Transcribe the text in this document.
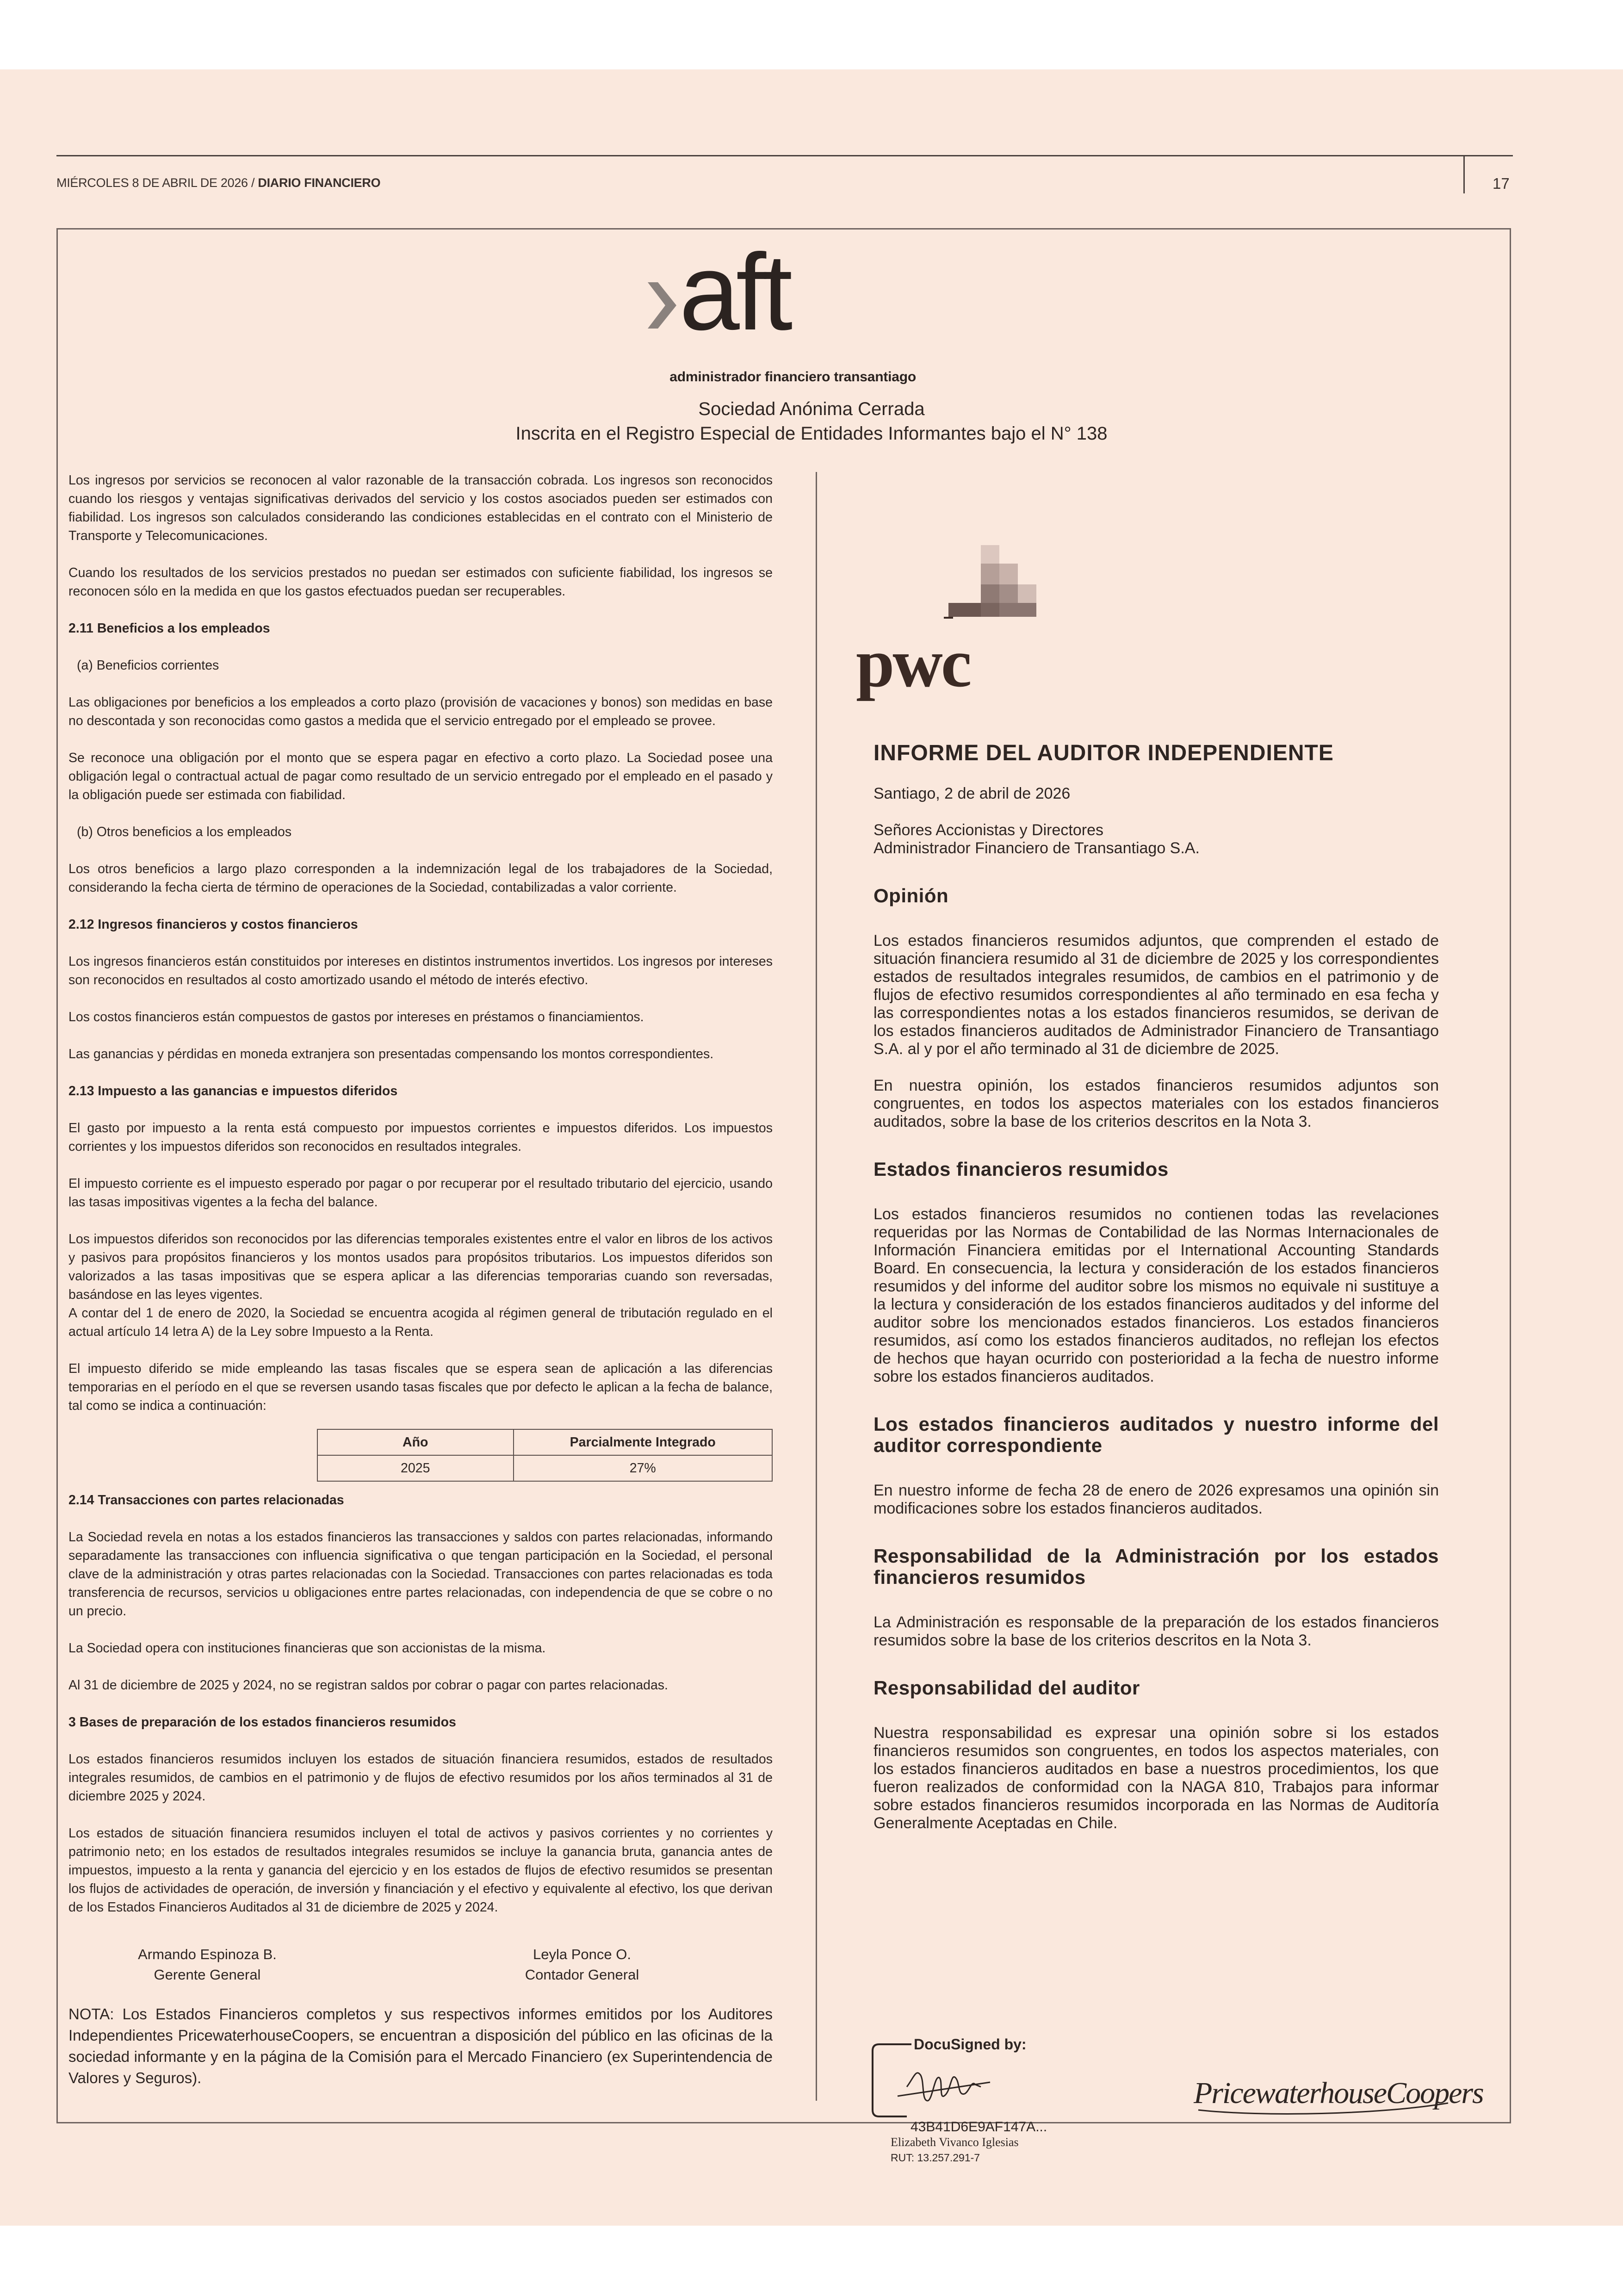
MIÉRCOLES 8 DE ABRIL DE 2026 / DIARIO FINANCIERO	17
aft
administrador financiero transantiago
Sociedad Anónima Cerrada
Inscrita en el Registro Especial de Entidades Informantes bajo el N° 138

Los ingresos por servicios se reconocen al valor razonable de la transacción cobrada. Los ingresos son reconocidos cuando los riesgos y ventajas significativas derivados del servicio y los costos asociados pueden ser estimados con fiabilidad. Los ingresos son calculados considerando las condiciones establecidas en el contrato con el Ministerio de Transporte y Telecomunicaciones.

Cuando los resultados de los servicios prestados no puedan ser estimados con suficiente fiabilidad, los ingresos se reconocen sólo en la medida en que los gastos efectuados puedan ser recuperables.

2.11 Beneficios a los empleados
(a) Beneficios corrientes

Las obligaciones por beneficios a los empleados a corto plazo (provisión de vacaciones y bonos) son medidas en base no descontada y son reconocidas como gastos a medida que el servicio entregado por el empleado se provee.

Se reconoce una obligación por el monto que se espera pagar en efectivo a corto plazo. La Sociedad posee una obligación legal o contractual actual de pagar como resultado de un servicio entregado por el empleado en el pasado y la obligación puede ser estimada con fiabilidad.

(b) Otros beneficios a los empleados

Los otros beneficios a largo plazo corresponden a la indemnización legal de los trabajadores de la Sociedad, considerando la fecha cierta de término de operaciones de la Sociedad, contabilizadas a valor corriente.

2.12 Ingresos financieros y costos financieros

Los ingresos financieros están constituidos por intereses en distintos instrumentos invertidos. Los ingresos por intereses son reconocidos en resultados al costo amortizado usando el método de interés efectivo.

Los costos financieros están compuestos de gastos por intereses en préstamos o financiamientos.

Las ganancias y pérdidas en moneda extranjera son presentadas compensando los montos correspondientes.

2.13 Impuesto a las ganancias e impuestos diferidos

El gasto por impuesto a la renta está compuesto por impuestos corrientes e impuestos diferidos. Los impuestos corrientes y los impuestos diferidos son reconocidos en resultados integrales.

El impuesto corriente es el impuesto esperado por pagar o por recuperar por el resultado tributario del ejercicio, usando las tasas impositivas vigentes a la fecha del balance.

Los impuestos diferidos son reconocidos por las diferencias temporales existentes entre el valor en libros de los activos y pasivos para propósitos financieros y los montos usados para propósitos tributarios. Los impuestos diferidos son valorizados a las tasas impositivas que se espera aplicar a las diferencias temporarias cuando son reversadas, basándose en las leyes vigentes.

A contar del 1 de enero de 2020, la Sociedad se encuentra acogida al régimen general de tributación regulado en el actual artículo 14 letra A) de la Ley sobre Impuesto a la Renta.

El impuesto diferido se mide empleando las tasas fiscales que se espera sean de aplicación a las diferencias temporarias en el período en el que se reversen usando tasas fiscales que por defecto le aplican a la fecha de balance, tal como se indica a continuación:

Año	Parcialmente Integrado
2025	27%
2.14 Transacciones con partes relacionadas

La Sociedad revela en notas a los estados financieros las transacciones y saldos con partes relacionadas, informando separadamente las transacciones con influencia significativa o que tengan participación en la Sociedad, el personal clave de la administración y otras partes relacionadas con la Sociedad. Transacciones con partes relacionadas es toda transferencia de recursos, servicios u obligaciones entre partes relacionadas, con independencia de que se cobre o no un precio.

La Sociedad opera con instituciones financieras que son accionistas de la misma.

Al 31 de diciembre de 2025 y 2024, no se registran saldos por cobrar o pagar con partes relacionadas.

3 Bases de preparación de los estados financieros resumidos

Los estados financieros resumidos incluyen los estados de situación financiera resumidos, estados de resultados integrales resumidos, de cambios en el patrimonio y de flujos de efectivo resumidos por los años terminados al 31 de diciembre 2025 y 2024.

Los estados de situación financiera resumidos incluyen el total de activos y pasivos corrientes y no corrientes y patrimonio neto; en los estados de resultados integrales resumidos se incluye la ganancia bruta, ganancia antes de impuestos, impuesto a la renta y ganancia del ejercicio y en los estados de flujos de efectivo resumidos se presentan los flujos de actividades de operación, de inversión y financiación y el efectivo y equivalente al efectivo, los que derivan de los Estados Financieros Auditados al 31 de diciembre de 2025 y 2024.

Armando Espinoza B.
Gerente General
Leyla Ponce O.
Contador General

NOTA: Los Estados Financieros completos y sus respectivos informes emitidos por los Auditores Independientes PricewaterhouseCoopers, se encuentran a disposición del público en las oficinas de la sociedad informante y en la página de la Comisión para el Mercado Financiero (ex Superintendencia de Valores y Seguros).

pwc
INFORME DEL AUDITOR INDEPENDIENTE

Santiago, 2 de abril de 2026

Señores Accionistas y Directores

Administrador Financiero de Transantiago S.A.

Opinión

Los estados financieros resumidos adjuntos, que comprenden el estado de situación financiera resumido al 31 de diciembre de 2025 y los correspondientes estados de resultados integrales resumidos, de cambios en el patrimonio y de flujos de efectivo resumidos correspondientes al año terminado en esa fecha y las correspondientes notas a los estados financieros resumidos, se derivan de los estados financieros auditados de Administrador Financiero de Transantiago S.A. al y por el año terminado al 31 de diciembre de 2025.

En nuestra opinión, los estados financieros resumidos adjuntos son congruentes, en todos los aspectos materiales con los estados financieros auditados, sobre la base de los criterios descritos en la Nota 3.

Estados financieros resumidos

Los estados financieros resumidos no contienen todas las revelaciones requeridas por las Normas de Contabilidad de las Normas Internacionales de Información Financiera emitidas por el International Accounting Standards Board. En consecuencia, la lectura y consideración de los estados financieros resumidos y del informe del auditor sobre los mismos no equivale ni sustituye a la lectura y consideración de los estados financieros auditados y del informe del auditor sobre los mencionados estados financieros. Los estados financieros resumidos, así como los estados financieros auditados, no reflejan los efectos de hechos que hayan ocurrido con posterioridad a la fecha de nuestro informe sobre los estados financieros auditados.

Los estados financieros auditados y nuestro informe del auditor correspondiente

En nuestro informe de fecha 28 de enero de 2026 expresamos una opinión sin modificaciones sobre los estados financieros auditados.

Responsabilidad de la Administración por los estados financieros resumidos

La Administración es responsable de la preparación de los estados financieros resumidos sobre la base de los criterios descritos en la Nota 3.

Responsabilidad del auditor

Nuestra responsabilidad es expresar una opinión sobre si los estados financieros resumidos son congruentes, en todos los aspectos materiales, con los estados financieros auditados en base a nuestros procedimientos, los que fueron realizados de conformidad con la NAGA 810, Trabajos para informar sobre estados financieros resumidos incorporada en las Normas de Auditoría Generalmente Aceptadas en Chile.

DocuSigned by:
43B41D6E9AF147A...
Elizabeth Vivanco Iglesias
RUT: 13.257.291-7
PricewaterhouseCoopers
